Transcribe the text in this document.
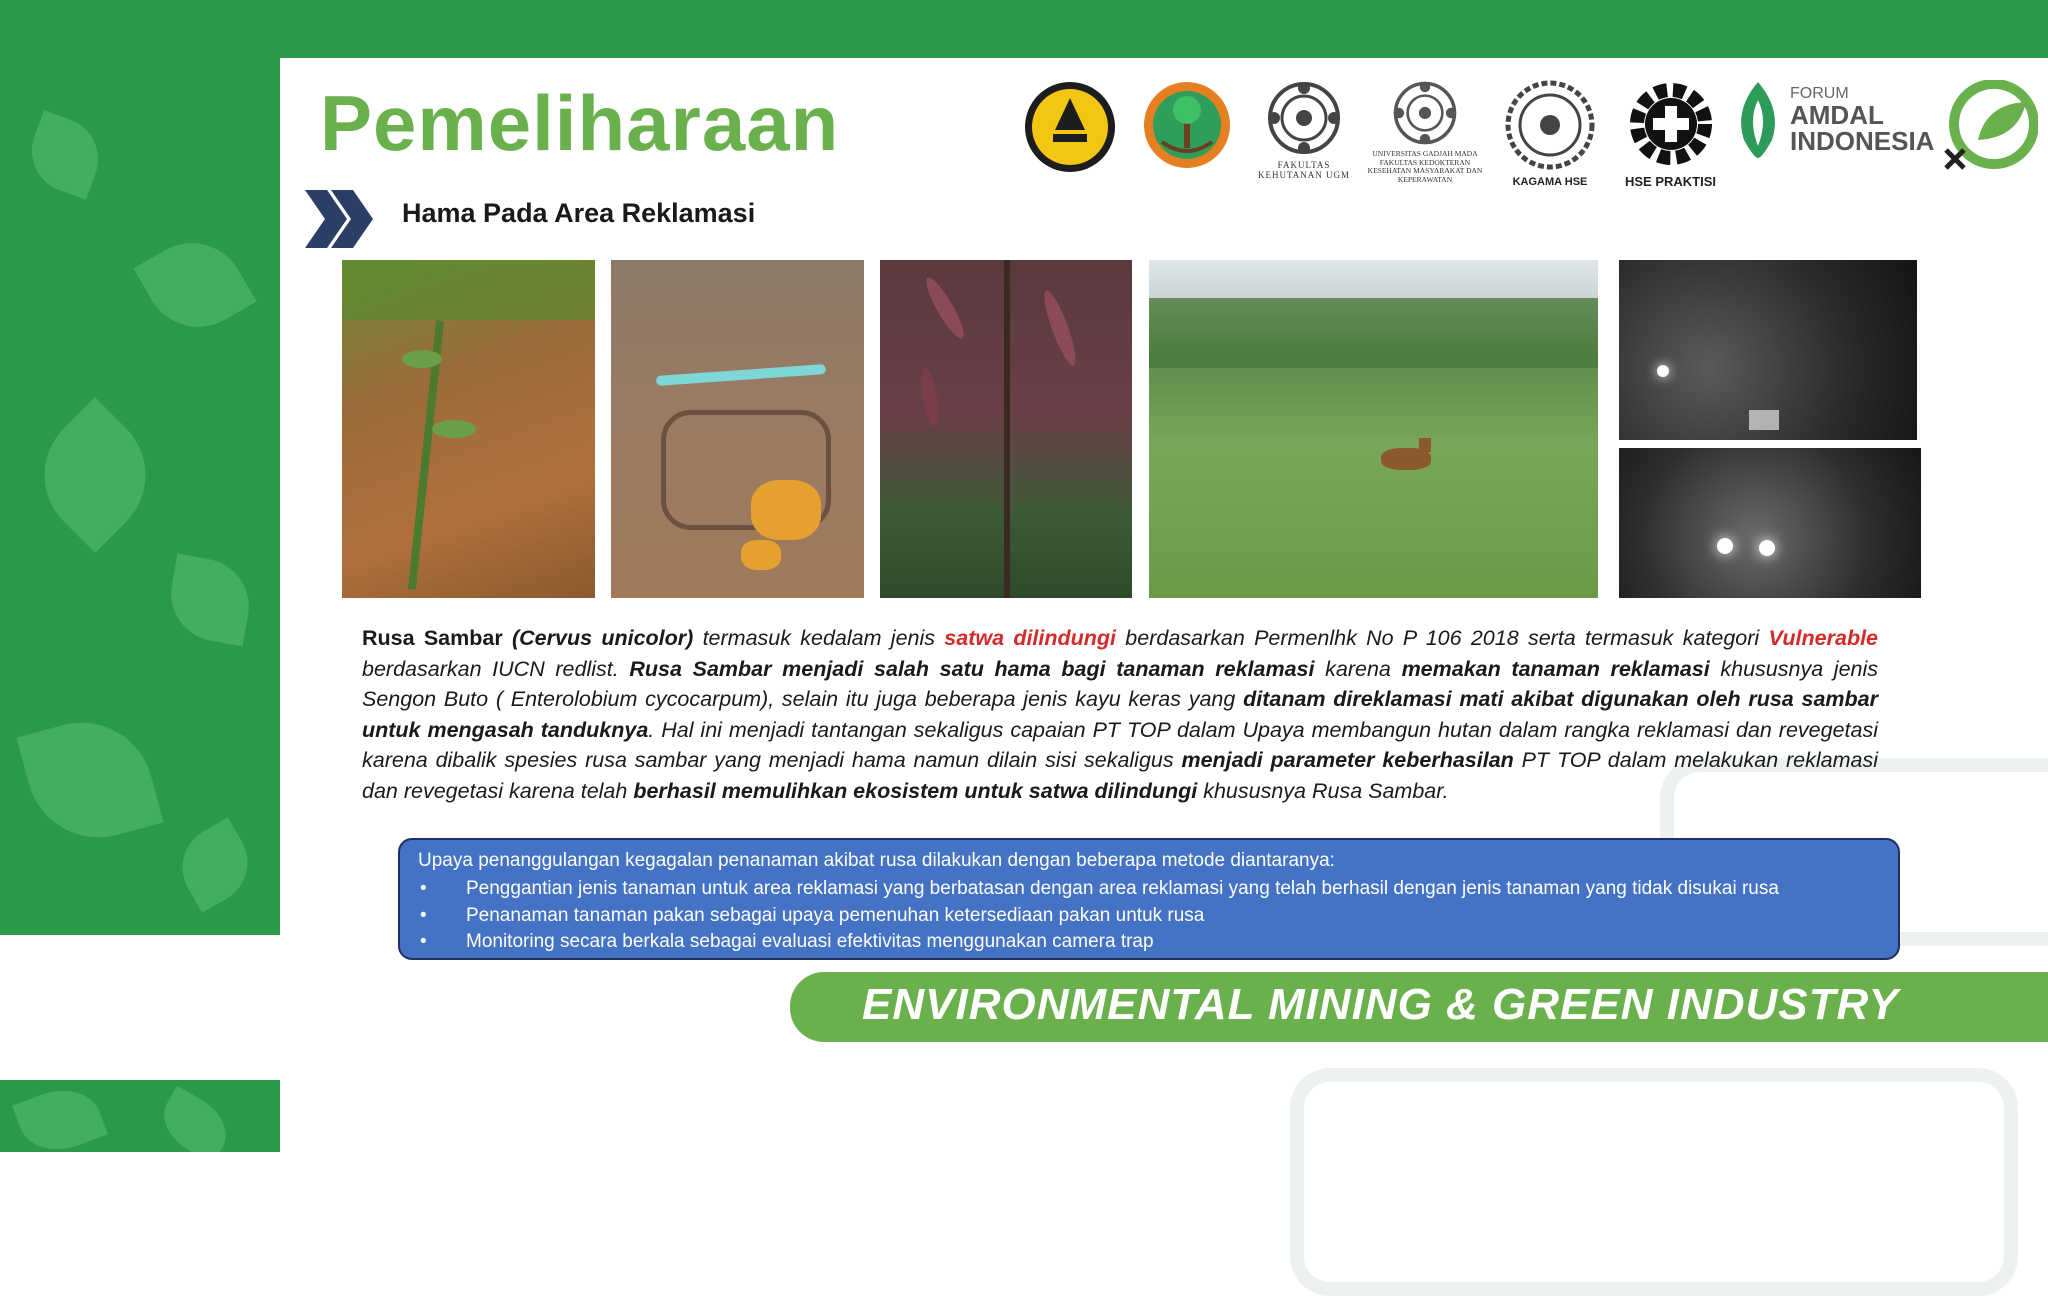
Pemeliharaan
Hama Pada Area Reklamasi
FAKULTAS
KEHUTANAN UGM
UNIVERSITAS GADJAH MADA
FAKULTAS KEDOKTERAN
KESEHATAN MASYARAKAT DAN
KEPERAWATAN	KAGAMA HSE	HSE PRAKTISI
FORUM
AMDAL
INDONESIA
Rusa Sambar (Cervus unicolor) termasuk kedalam jenis satwa dilindungi berdasarkan Permenlhk No P 106 2018 serta termasuk kategori Vulnerable berdasarkan IUCN redlist. Rusa Sambar menjadi salah satu hama bagi tanaman reklamasi karena memakan tanaman reklamasi khususnya jenis Sengon Buto ( Enterolobium cycocarpum), selain itu juga beberapa jenis kayu keras yang ditanam direklamasi mati akibat digunakan oleh rusa sambar untuk mengasah tanduknya. Hal ini menjadi tantangan sekaligus capaian PT TOP dalam Upaya membangun hutan dalam rangka reklamasi dan revegetasi karena dibalik spesies rusa sambar yang menjadi hama namun dilain sisi sekaligus menjadi parameter keberhasilan PT TOP dalam melakukan reklamasi dan revegetasi karena telah berhasil memulihkan ekosistem untuk satwa dilindungi khususnya Rusa Sambar.
Upaya penanggulangan kegagalan penanaman akibat rusa dilakukan dengan beberapa metode diantaranya:
• Penggantian jenis tanaman untuk area reklamasi yang berbatasan dengan area reklamasi yang telah berhasil dengan jenis tanaman yang tidak disukai rusa
• Penanaman tanaman pakan sebagai upaya pemenuhan ketersediaan pakan untuk rusa
• Monitoring secara berkala sebagai evaluasi efektivitas menggunakan camera trap
ENVIRONMENTAL MINING & GREEN INDUSTRY
